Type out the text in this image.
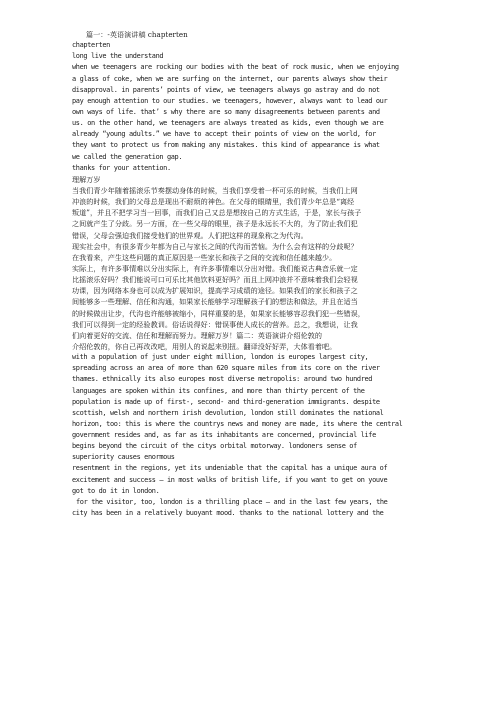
篇一：-英语演讲稿 chapterten
chapterten
long live the understand
when we teenagers are rocking our bodies with the beat of rock music, when we enjoying
a glass of coke, when we are surfing on the internet, our parents always show their
disapproval. in parents’ points of view, we teenagers always go astray and do not
pay enough attention to our studies. we teenagers, however, always want to lead our
own ways of life. that’ s why there are so many disagreements between parents and
us. on the other hand, we teenagers are always treated as kids, even though we are
already “young adults.” we have to accept their points of view on the world, for
they want to protect us from making any mistakes. this kind of appearance is what
we called the generation gap.
thanks for your attention.
理解万岁
当我们青少年随着摇滚乐节奏摆动身体的时候，当我们享受着一杯可乐的时候，当我们上网
冲浪的时候，我们的父母总是现出不耐烦的神色。在父母的眼睛里，我们青少年总是“离经
叛道”，并且不把学习当一回事，而我们自己又总是想按自己的方式生活，于是，家长与孩子
之间就产生了分歧。另一方面，在一些父母的眼里，孩子是永远长不大的，为了防止我们犯
错误，父母会强迫我们接受他们的世界观。人们把这样的现象称之为代沟。
现实社会中，有很多青少年都为自己与家长之间的代沟而苦恼。为什么会有这样的分歧呢？
在我看来，产生这些问题的真正原因是一些家长和孩子之间的交流和信任越来越少。
实际上，有许多事情难以分出实际上，有许多事情难以分出对错。我们能说古典音乐就一定
比摇滚乐好吗？我们能说可口可乐比其他饮料更好吗？而且上网冲浪并不意味着我们会轻视
功课，因为网络本身也可以成为扩展知识，提高学习成绩的途径。如果我们的家长和孩子之
间能够多一些理解、信任和沟通，如果家长能够学习理解孩子们的想法和做法，并且在适当
的时候做出让步，代沟也许能够被缩小，同样重要的是，如果家长能够容忍我们犯一些错误，
我们可以得到一定的经验教训。俗话说得好：错误事使人成长的营养。总之，我想说，让我
们向着更好的交流、信任和理解而努力。理解万岁！篇二：英语演讲介绍伦敦的
介绍伦敦的，你自己再改改吧，用别人的说起来别扭。翻译没好好弄，大体看着吧。
with a population of just under eight million, london is europes largest city,
spreading across an area of more than 620 square miles from its core on the river
thames. ethnically its also europes most diverse metropolis: around two hundred
languages are spoken within its confines, and more than thirty percent of the
population is made up of first-, second- and third-generation immigrants. despite
scottish, welsh and northern irish devolution, london still dominates the national
horizon, too: this is where the countrys news and money are made, its where the central
government resides and, as far as its inhabitants are concerned, provincial life
begins beyond the circuit of the citys orbital motorway. londoners sense of
superiority causes enormous
resentment in the regions, yet its undeniable that the capital has a unique aura of
excitement and success – in most walks of british life, if you want to get on youve
got to do it in london.
for the visitor, too, london is a thrilling place – and in the last few years, the
city has been in a relatively buoyant mood. thanks to the national lottery and the
